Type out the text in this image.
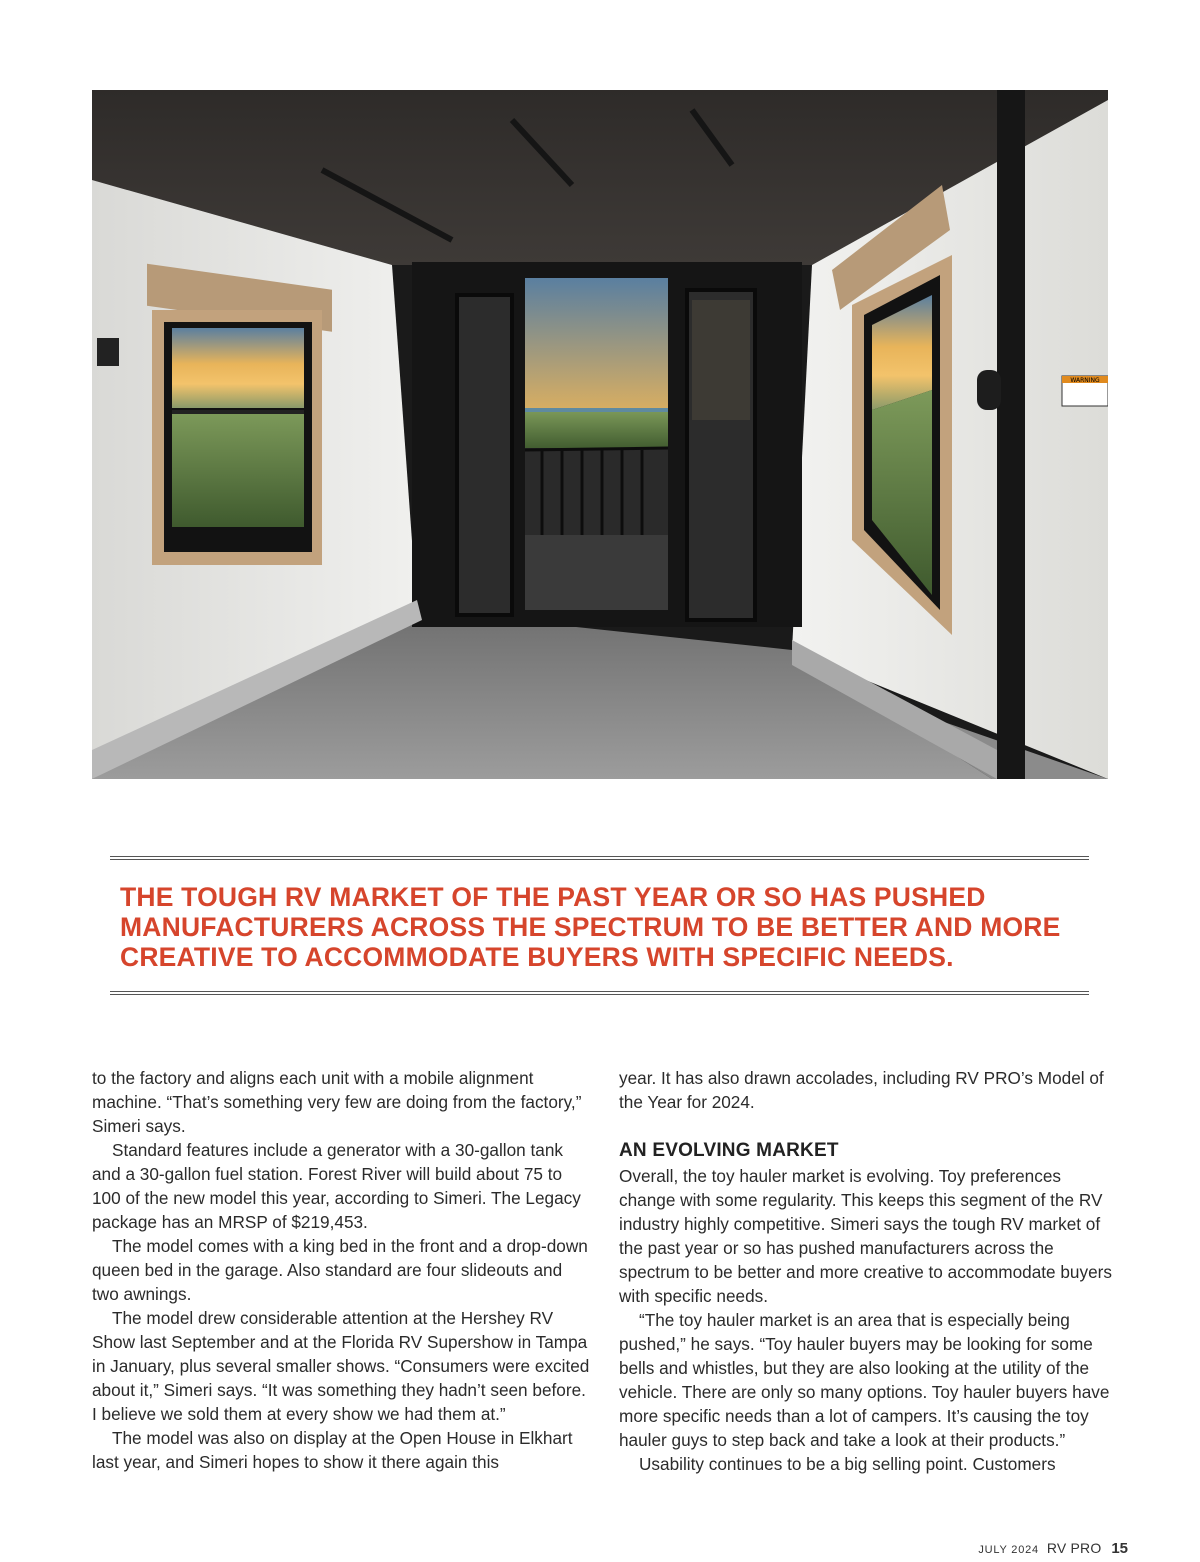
WARNING

THE TOUGH RV MARKET OF THE PAST YEAR OR SO HAS PUSHED MANUFACTURERS ACROSS THE SPECTRUM TO BE BETTER AND MORE CREATIVE TO ACCOMMODATE BUYERS WITH SPECIFIC NEEDS.

to the factory and aligns each unit with a mobile alignment machine. “That’s something very few are doing from the factory,” Simeri says.

Standard features include a generator with a 30-gallon tank and a 30-gallon fuel station. Forest River will build about 75 to 100 of the new model this year, according to Simeri. The Legacy package has an MRSP of $219,453.

The model comes with a king bed in the front and a drop-down queen bed in the garage. Also standard are four slideouts and two awnings.

The model drew considerable attention at the Hershey RV Show last September and at the Florida RV Supershow in Tampa in January, plus several smaller shows. “Consumers were excited about it,” Simeri says. “It was something they hadn’t seen before. I believe we sold them at every show we had them at.”

The model was also on display at the Open House in Elkhart last year, and Simeri hopes to show it there again this

year. It has also drawn accolades, including RV PRO’s Model of the Year for 2024.

AN EVOLVING MARKET

Overall, the toy hauler market is evolving. Toy preferences change with some regularity. This keeps this segment of the RV industry highly competitive. Simeri says the tough RV market of the past year or so has pushed manufacturers across the spectrum to be better and more creative to accommodate buyers with specific needs.

“The toy hauler market is an area that is especially being pushed,” he says. “Toy hauler buyers may be looking for some bells and whistles, but they are also looking at the utility of the vehicle. There are only so many options. Toy hauler buyers have more specific needs than a lot of campers. It’s causing the toy hauler guys to step back and take a look at their products.”

Usability continues to be a big selling point. Customers

JULY 2024 RV PRO 15
